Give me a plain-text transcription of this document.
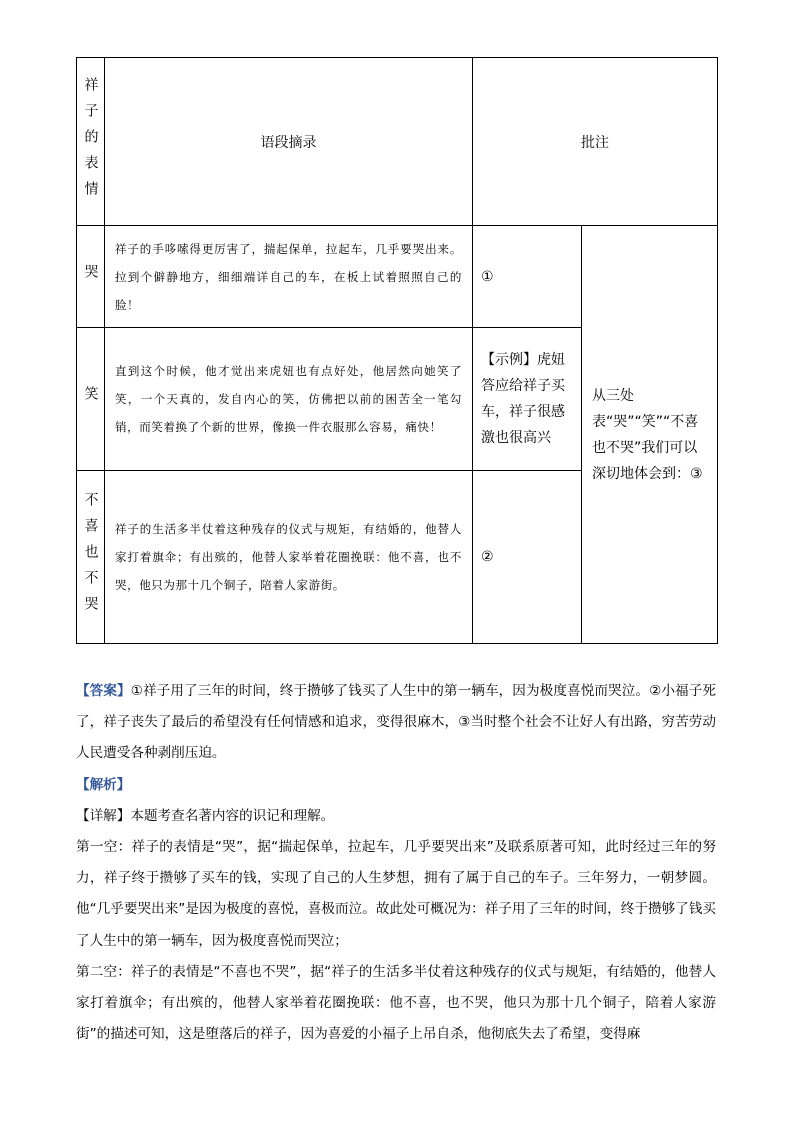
祥子的表情	语段摘录	批注
哭
祥子的手哆嗦得更厉害了，揣起保单，拉起车，几乎要哭出来。拉到个僻静地方，细细端详自己的车，在板上试着照照自己的脸！
①
笑
直到这个时候，他才觉出来虎妞也有点好处，他居然向她笑了笑，一个天真的，发自内心的笑，仿佛把以前的困苦全一笔勾销，而笑着换了个新的世界，像换一件衣服那么容易，痛快！
【示例】虎妞答应给祥子买车，祥子很感激也很高兴
不喜也不哭 祥子的生活多半仗着这种残存的仪式与规矩，有结婚的，他替人家打着旗伞；有出殡的，他替人家举着花圈挽联：他不喜，也不哭，他只为那十几个铜子，陪着人家游街。
②
从三处表“哭”“笑”“不喜也不哭”我们可以深切地体会到：③

【答案】①祥子用了三年的时间，终于攒够了钱买了人生中的第一辆车，因为极度喜悦而哭泣。②小福子死了，祥子丧失了最后的希望没有任何情感和追求，变得很麻木，③当时整个社会不让好人有出路，穷苦劳动人民遭受各种剥削压迫。

【解析】

【详解】本题考查名著内容的识记和理解。

第一空：祥子的表情是“哭”，据“揣起保单，拉起车，几乎要哭出来”及联系原著可知，此时经过三年的努力，祥子终于攒够了买车的钱，实现了自己的人生梦想，拥有了属于自己的车子。三年努力，一朝梦圆。他“几乎要哭出来”是因为极度的喜悦，喜极而泣。故此处可概况为：祥子用了三年的时间，终于攒够了钱买了人生中的第一辆车，因为极度喜悦而哭泣；

第二空：祥子的表情是“不喜也不哭”，据“祥子的生活多半仗着这种残存的仪式与规矩，有结婚的，他替人家打着旗伞；有出殡的，他替人家举着花圈挽联：他不喜，也不哭，他只为那十几个铜子，陪着人家游街”的描述可知，这是堕落后的祥子，因为喜爱的小福子上吊自杀，他彻底失去了希望，变得麻
